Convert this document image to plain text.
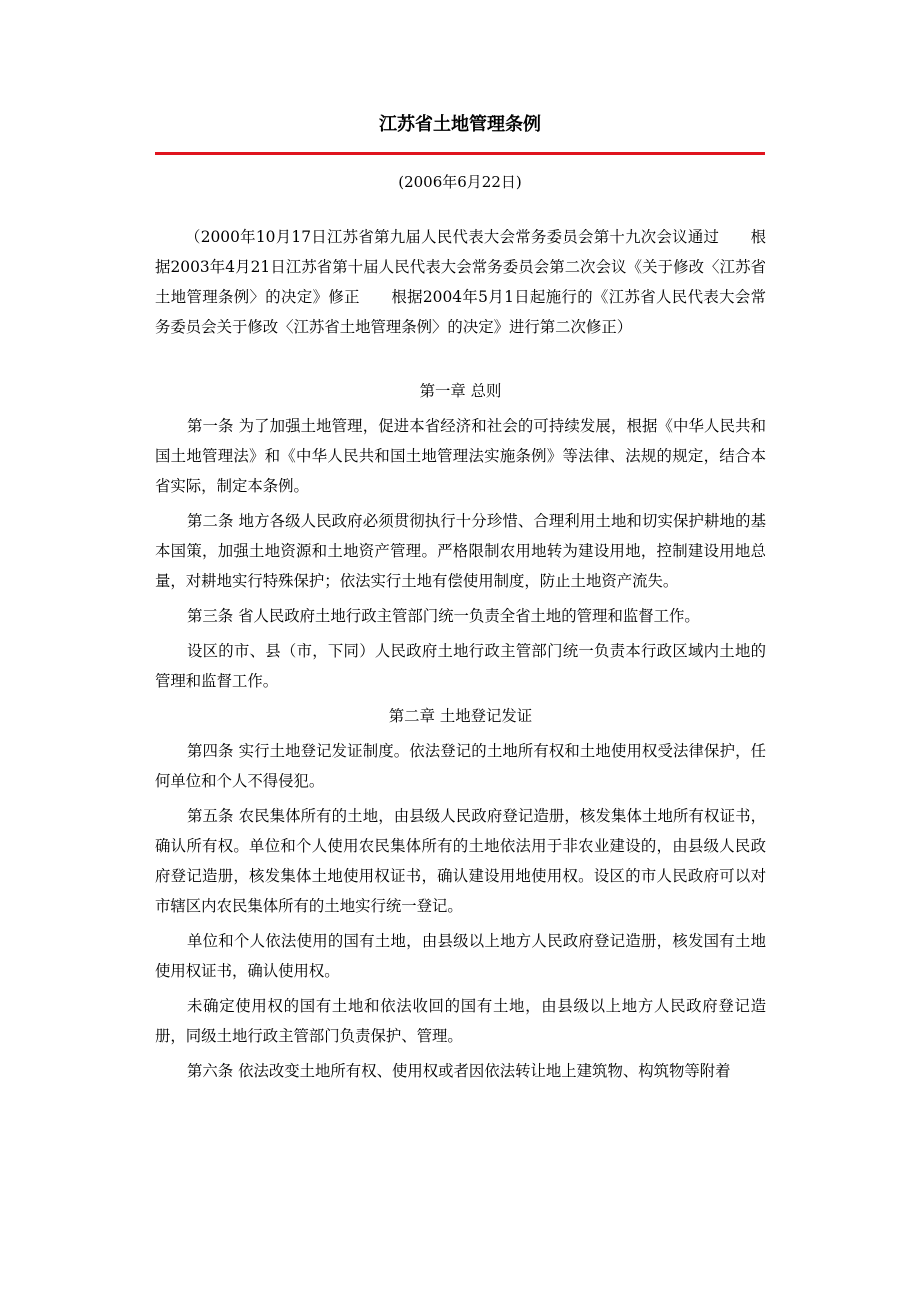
江苏省土地管理条例

(2006年6月22日)

（2000年10月17日江苏省第九届人民代表大会常务委员会第十九次会议通过　　根据2003年4月21日江苏省第十届人民代表大会常务委员会第二次会议《关于修改〈江苏省土地管理条例〉的决定》修正　　根据2004年5月1日起施行的《江苏省人民代表大会常务委员会关于修改〈江苏省土地管理条例〉的决定》进行第二次修正）

第一章 总则

第一条 为了加强土地管理，促进本省经济和社会的可持续发展，根据《中华人民共和国土地管理法》和《中华人民共和国土地管理法实施条例》等法律、法规的规定，结合本省实际，制定本条例。

第二条 地方各级人民政府必须贯彻执行十分珍惜、合理利用土地和切实保护耕地的基本国策，加强土地资源和土地资产管理。严格限制农用地转为建设用地，控制建设用地总量，对耕地实行特殊保护；依法实行土地有偿使用制度，防止土地资产流失。

第三条 省人民政府土地行政主管部门统一负责全省土地的管理和监督工作。

设区的市、县（市，下同）人民政府土地行政主管部门统一负责本行政区域内土地的管理和监督工作。

第二章 土地登记发证

第四条 实行土地登记发证制度。依法登记的土地所有权和土地使用权受法律保护，任何单位和个人不得侵犯。

第五条 农民集体所有的土地，由县级人民政府登记造册，核发集体土地所有权证书，确认所有权。单位和个人使用农民集体所有的土地依法用于非农业建设的，由县级人民政府登记造册，核发集体土地使用权证书，确认建设用地使用权。设区的市人民政府可以对市辖区内农民集体所有的土地实行统一登记。

单位和个人依法使用的国有土地，由县级以上地方人民政府登记造册，核发国有土地使用权证书，确认使用权。

未确定使用权的国有土地和依法收回的国有土地，由县级以上地方人民政府登记造册，同级土地行政主管部门负责保护、管理。

第六条 依法改变土地所有权、使用权或者因依法转让地上建筑物、构筑物等附着
